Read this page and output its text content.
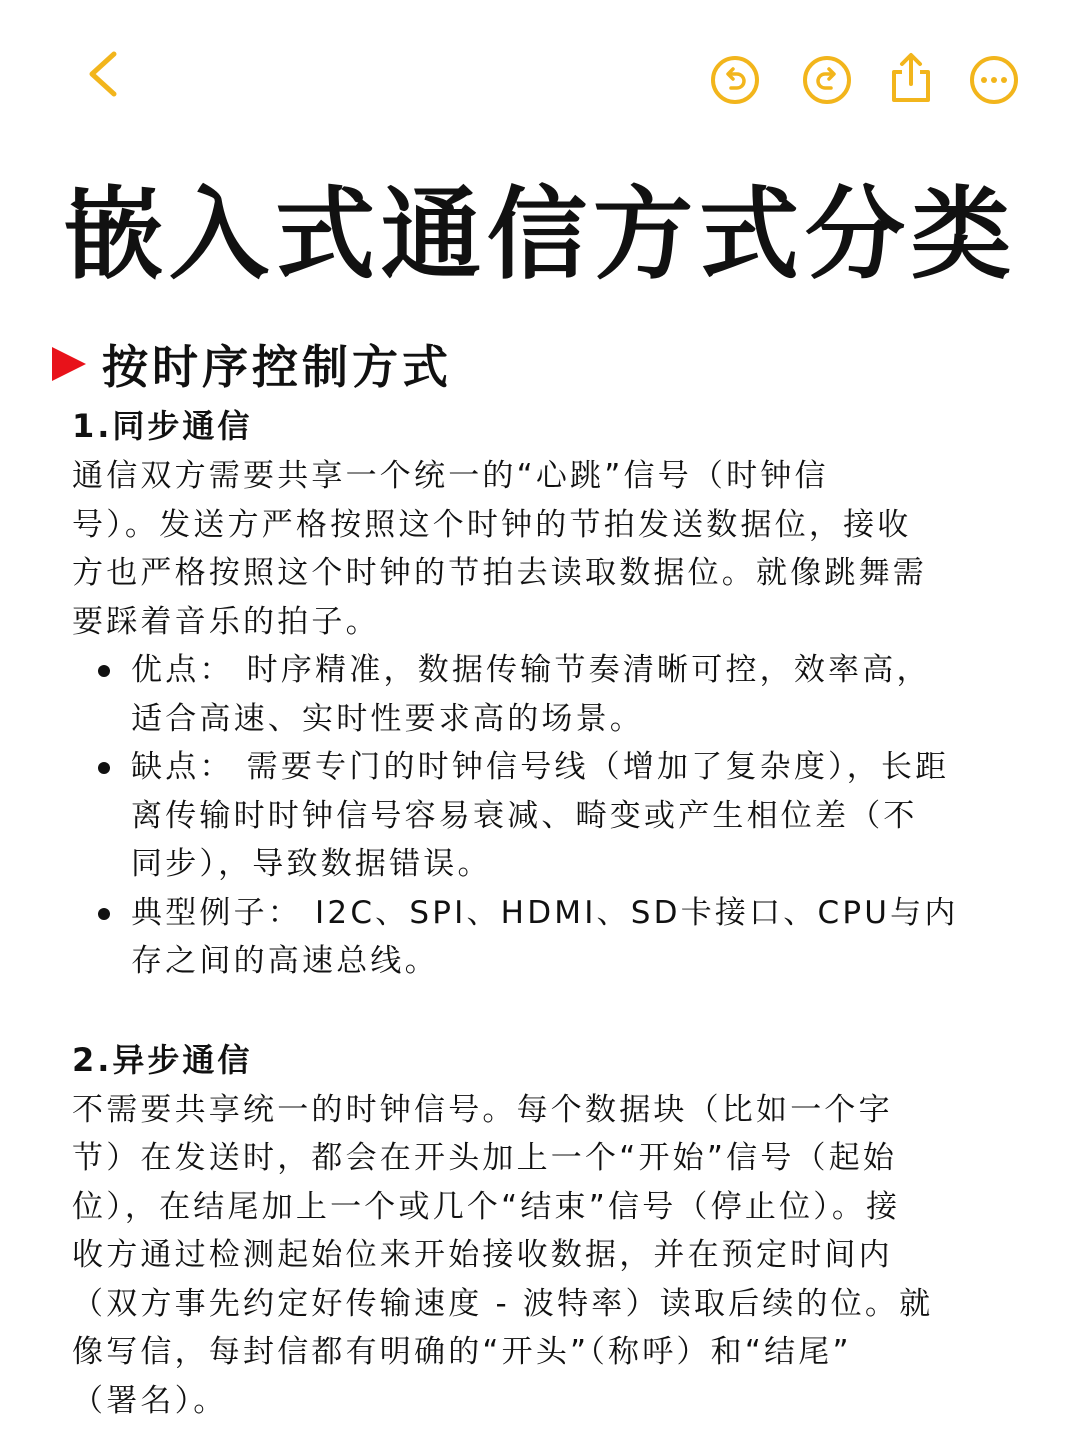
嵌入式通信方式分类
按时序控制方式
1.同步通信

通信双方需要共享一个统一的“心跳”信号（时钟信
号）。发送方严格按照这个时钟的节拍发送数据位，接收
方也严格按照这个时钟的节拍去读取数据位。就像跳舞需
要踩着音乐的拍子。

优点： 时序精准，数据传输节奏清晰可控，效率高，
适合高速、实时性要求高的场景。
缺点： 需要专门的时钟信号线（增加了复杂度），长距
离传输时时钟信号容易衰减、畸变或产生相位差（不
同步），导致数据错误。
典型例子： I2C、SPI、HDMI、SD卡接口、CPU与内
存之间的高速总线。
2.异步通信

不需要共享统一的时钟信号。每个数据块（比如一个字
节）在发送时，都会在开头加上一个“开始”信号（起始
位），在结尾加上一个或几个“结束”信号（停止位）。接
收方通过检测起始位来开始接收数据，并在预定时间内
（双方事先约定好传输速度 - 波特率）读取后续的位。就
像写信，每封信都有明确的“开头”（称呼）和“结尾”
（署名）。
